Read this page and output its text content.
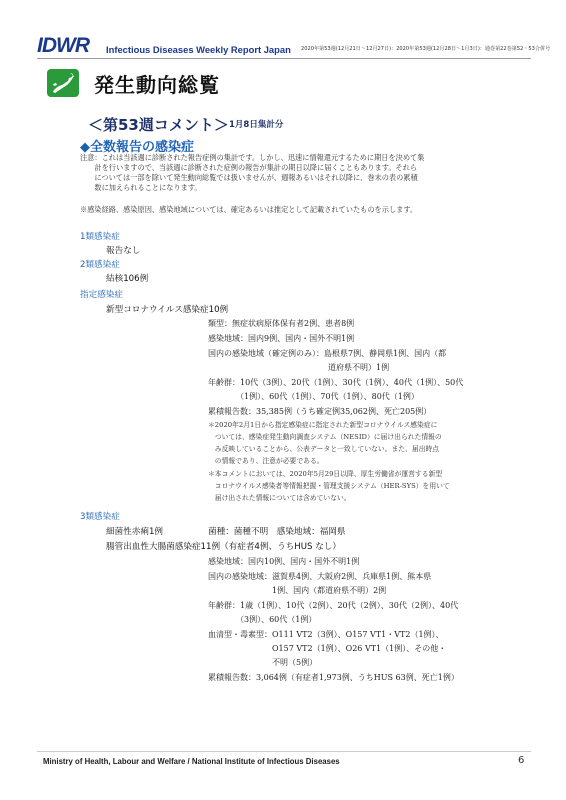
IDWR Infectious Diseases Weekly Report Japan 2020年第53週(12月21日〜12月27日)：2020年第53週(12月28日〜1月3日)：通巻第22巻第52・53合併号
発生動向総覧
＜第53週コメント＞ 1月8日集計分
◆全数報告の感染症
注意：これは当該週に診断された報告症例の集計です。しかし、迅速に情報還元するために期日を決めて集
　　計を行いますので、当該週に診断された症例の報告が集計の期日以降に届くこともあります。それら
　　については一部を除いて発生動向総覧では扱いませんが、週報あるいはそれ以降に、巻末の表の累積
　　数に加えられることになります。
※感染経路、感染原因、感染地域については、確定あるいは推定として記載されていたものを示します。
1類感染症
報告なし
2類感染症
結核106例
指定感染症
新型コロナウイルス感染症10例
類型：無症状病原体保有者2例、患者8例
感染地域：国内9例、国内・国外不明1例
国内の感染地域（確定例のみ）：島根県7例、静岡県1例、国内（都
　　　　　　　　　　　　　　　道府県不明）1例
年齢群：10代（3例）、20代（1例）、30代（1例）、40代（1例）、50代
　　　　（1例）、60代（1例）、70代（1例）、80代（1例）
累積報告数：35,385例（うち確定例35,062例、死亡205例）
＊2020年2月1日から指定感染症に指定された新型コロナウイルス感染症に
　ついては、感染症発生動向調査システム（NESID）に届け出られた情報の
　み反映していることから、公表データと一致していない。また、届出時点
　の情報であり、注意が必要である。
＊本コメントにおいては、2020年5月29日以降、厚生労働省が運営する新型
　コロナウイルス感染者等情報把握・管理支援システム（HER-SYS）を用いて
　届け出された情報については含めていない。
3類感染症
細菌性赤痢1例	菌種：菌種不明　感染地域：福岡県
腸管出血性大腸菌感染症11例（有症者4例、うちHUS なし）
感染地域：国内10例、国内・国外不明1例
国内の感染地域：滋賀県4例、大阪府2例、兵庫県1例、熊本県
　　　　　　　　1例、国内（都道府県不明）2例
年齢群：1歳（1例）、10代（2例）、20代（2例）、30代（2例）、40代
　　　　（3例）、60代（1例）
血清型・毒素型：O111 VT2（3例）、O157 VT1・VT2（1例）、
　　　　　　　　O157 VT2（1例）、O26 VT1（1例）、その他・
　　　　　　　　不明（5例）
累積報告数：3,064例（有症者1,973例、うちHUS 63例、死亡1例）
Ministry of Health, Labour and Welfare / National Institute of Infectious Diseases	6
